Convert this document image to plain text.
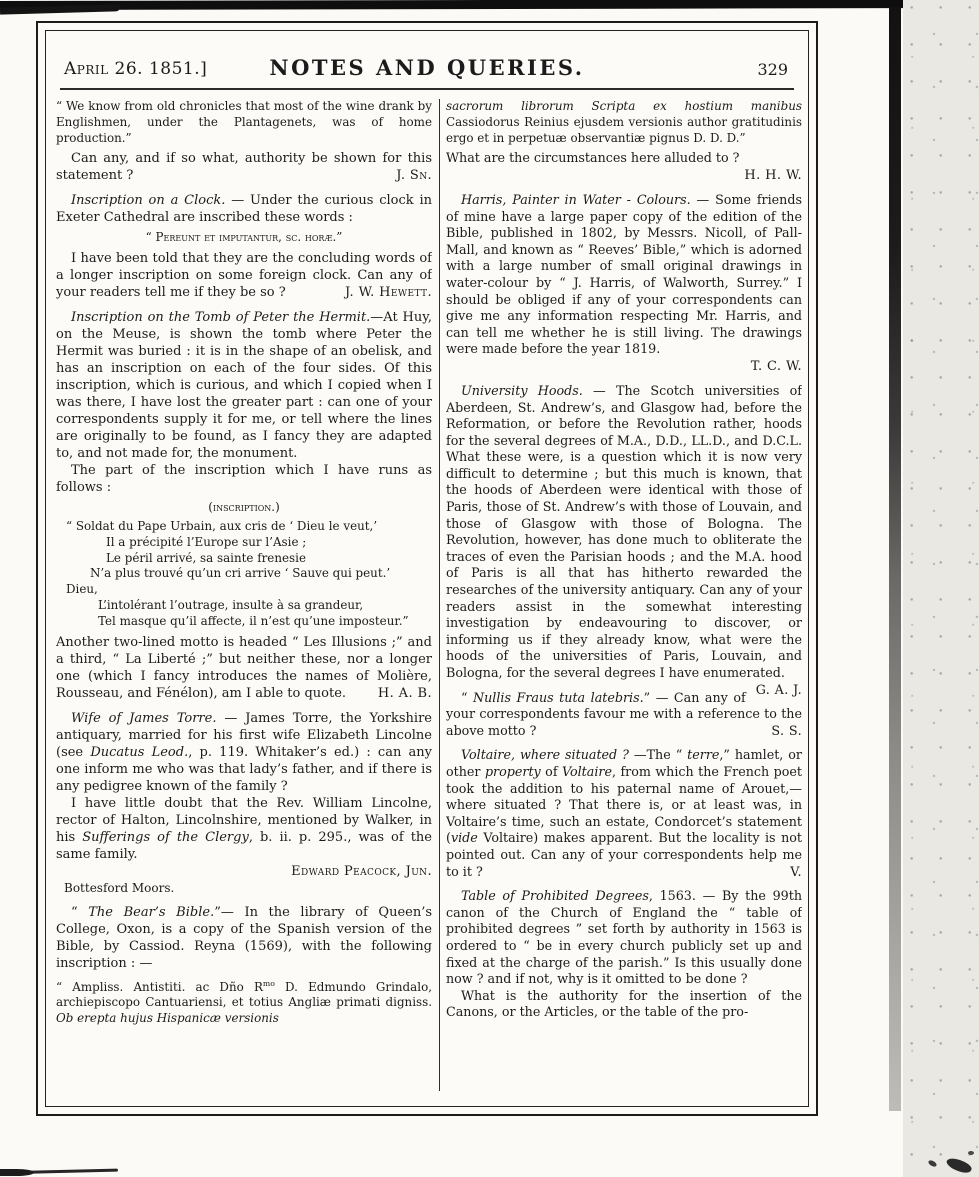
April 26. 1851.]	NOTES AND QUERIES.	329

“ We know from old chronicles that most of the wine drank by Englishmen, under the Plantagenets, was of home production.”

Can any, and if so what, authority be shown for this statement ?	J. Sn.

Inscription on a Clock. — Under the curious clock in Exeter Cathedral are inscribed these words :

“ Pereunt et imputantur, sc. horæ.”

I have been told that they are the concluding words of a longer inscription on some foreign clock. Can any of your readers tell me if they be so ?	J. W. Hewett.

Inscription on the Tomb of Peter the Hermit.—At Huy, on the Meuse, is shown the tomb where Peter the Hermit was buried : it is in the shape of an obelisk, and has an inscription on each of the four sides. Of this inscription, which is curious, and which I copied when I was there, I have lost the greater part : can one of your correspondents supply it for me, or tell where the lines are originally to be found, as I fancy they are adapted to, and not made for, the monument.

The part of the inscription which I have runs as follows :

(inscription.)

“ Soldat du Pape Urbain, aux cris de ‘ Dieu le veut,’
Il a précipité l’Europe sur l’Asie ;
Le péril arrivé, sa sainte frenesie
N’a plus trouvé qu’un cri arrive ‘ Sauve qui peut.’
Dieu,
L’intolérant l’outrage, insulte à sa grandeur,
Tel masque qu’il affecte, il n’est qu’une imposteur.”

Another two-lined motto is headed “ Les Illusions ;” and a third, “ La Liberté ;” but neither these, nor a longer one (which I fancy introduces the names of Molière, Rousseau, and Fénélon), am I able to quote.	H. A. B.

Wife of James Torre. — James Torre, the Yorkshire antiquary, married for his first wife Elizabeth Lincolne (see Ducatus Leod., p. 119. Whitaker’s ed.) : can any one inform me who was that lady’s father, and if there is any pedigree known of the family ?

I have little doubt that the Rev. William Lincolne, rector of Halton, Lincolnshire, mentioned by Walker, in his Sufferings of the Clergy, b. ii. p. 295., was of the same family.

Edward Peacock, Jun.
Bottesford Moors.

“ The Bear’s Bible.”— In the library of Queen’s College, Oxon, is a copy of the Spanish version of the Bible, by Cassiod. Reyna (1569), with the following inscription : —

“ Ampliss. Antistiti. ac Dño $R^{mo}$ D. Edmundo Grindalo, archiepiscopo Cantuariensi, et totius Angliæ primati digniss. Ob erepta hujus Hispanicæ versionis

sacrorum librorum Scripta ex hostium manibus Cassiodorus Reinius ejusdem versionis author gratitudinis ergo et in perpetuæ observantiæ pignus D. D. D.”

What are the circumstances here alluded to ?

H. H. W.

Harris, Painter in Water - Colours. — Some friends of mine have a large paper copy of the edition of the Bible, published in 1802, by Messrs. Nicoll, of Pall-Mall, and known as “ Reeves’ Bible,” which is adorned with a large number of small original drawings in water-colour by “ J. Harris, of Walworth, Surrey.” I should be obliged if any of your correspondents can give me any information respecting Mr. Harris, and can tell me whether he is still living. The drawings were made before the year 1819.

T. C. W.

University Hoods. — The Scotch universities of Aberdeen, St. Andrew’s, and Glasgow had, before the Reformation, or before the Revolution rather, hoods for the several degrees of M.A., D.D., LL.D., and D.C.L. What these were, is a question which it is now very difficult to determine ; but this much is known, that the hoods of Aberdeen were identical with those of Paris, those of St. Andrew’s with those of Louvain, and those of Glasgow with those of Bologna. The Revolution, however, has done much to obliterate the traces of even the Parisian hoods ; and the M.A. hood of Paris is all that has hitherto rewarded the researches of the university antiquary. Can any of your readers assist in the somewhat interesting investigation by endeavouring to discover, or informing us if they already know, what were the hoods of the universities of Paris, Louvain, and Bologna, for the several degrees I have enumerated.
G. A. J.

“ Nullis Fraus tuta latebris.” — Can any of your correspondents favour me with a reference to the above motto ?	S. S.

Voltaire, where situated ? —The “ terre,” hamlet, or other property of Voltaire, from which the French poet took the addition to his paternal name of Arouet,—where situated ? That there is, or at least was, in Voltaire’s time, such an estate, Condorcet’s statement (vide Voltaire) makes apparent. But the locality is not pointed out. Can any of your correspondents help me to it ?	V.

Table of Prohibited Degrees, 1563. — By the 99th canon of the Church of England the “ table of prohibited degrees ” set forth by authority in 1563 is ordered to “ be in every church publicly set up and fixed at the charge of the parish.” Is this usually done now ? and if not, why is it omitted to be done ?

What is the authority for the insertion of the Canons, or the Articles, or the table of the pro-
